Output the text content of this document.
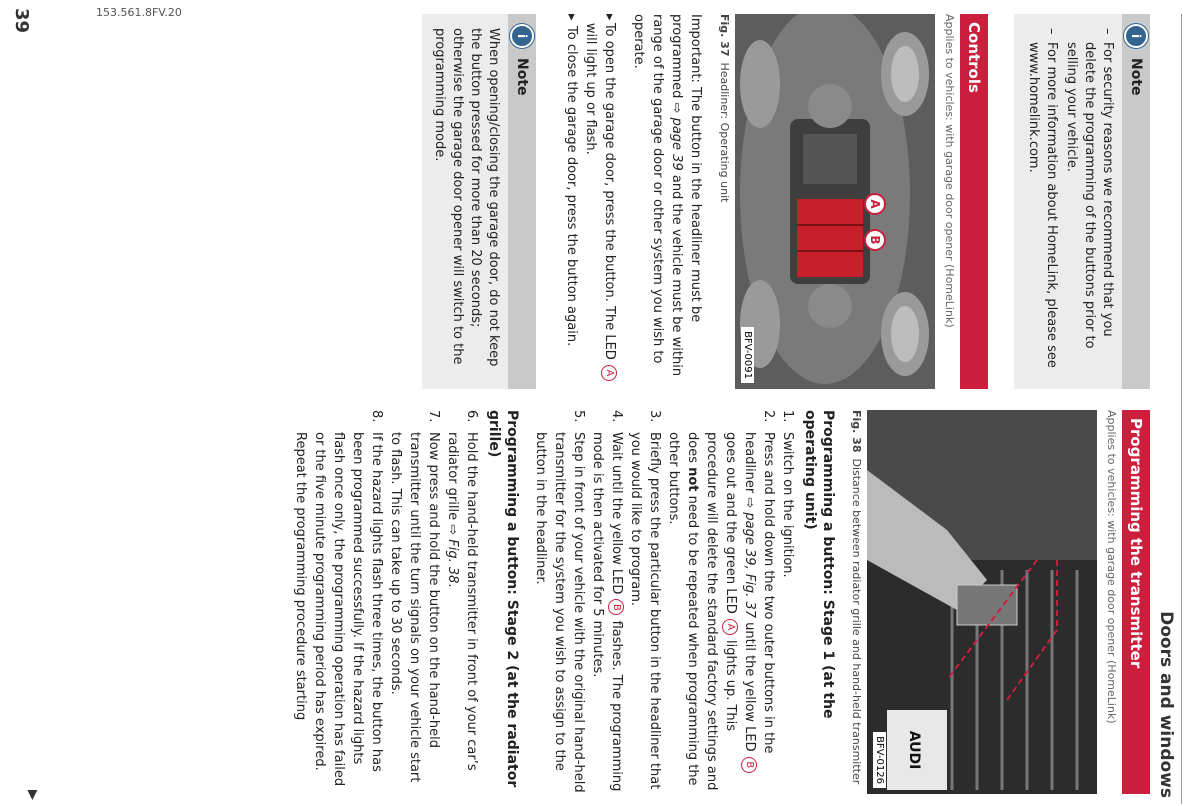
Doors and windows
153.561.8FV.20
i
Note
–
For security reasons we recommend that you delete the programming of the buttons prior to selling your vehicle.
–
For more information about HomeLink, please see www.homelink.com.
Controls
Applies to vehicles: with garage door opener (HomeLink)
A
B
BFV-0091
Fig. 37Headliner: Operating unit
Important: The button in the headliner must be programmed ⇨ page 39 and the vehicle must be within range of the garage door or other system you wish to operate.
▸
To open the garage door, press the button. The LED A will light up or flash.
▸
To close the garage door, press the button again.
i
Note
When opening/closing the garage door, do not keep the button pressed for more than 20 seconds; otherwise the garage door opener will switch to the programming mode.
Programming the transmitter
Applies to vehicles: with garage door opener (HomeLink)
AUDI
BFV-0126
Fig. 38Distance between radiator grille and hand-held transmitter
Programming a button: Stage 1 (at the operating unit)
1.
Switch on the ignition.
2.
Press and hold down the two outer buttons in the headliner ⇨ page 39, Fig. 37 until the yellow LED B goes out and the green LED A lights up. This procedure will delete the standard factory settings and does not need to be repeated when programming the other buttons.
3.
Briefly press the particular button in the headliner that you would like to program.
4.
Wait until the yellow LED B flashes. The programming mode is then activated for 5 minutes.
5.
Step in front of your vehicle with the original hand-held transmitter for the system you wish to assign to the button in the headliner.
Programming a button: Stage 2 (at the radiator grille)
6.
Hold the hand-held transmitter in front of your car’s radiator grille ⇨ Fig. 38.
7.
Now press and hold the button on the hand-held transmitter until the turn signals on your vehicle start to flash. This can take up to 30 seconds.
8.
If the hazard lights flash three times, the button has been programmed successfully. If the hazard lights flash once only, the programming operation has failed or the five minute programming period has expired. Repeat the programming procedure starting
39
▶
